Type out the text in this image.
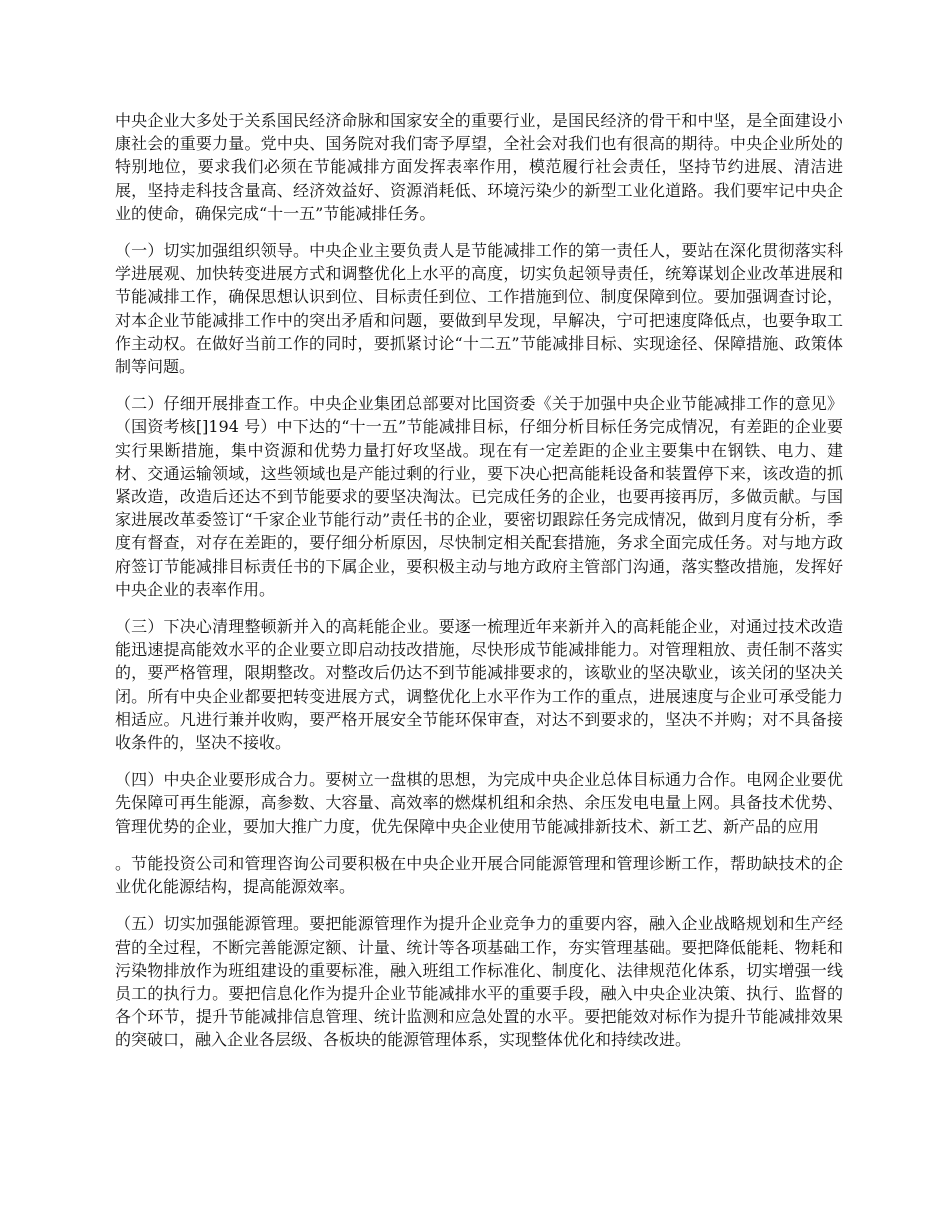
中央企业大多处于关系国民经济命脉和国家安全的重要行业，是国民经济的骨干和中坚，是全面建设小康社会的重要力量。党中央、国务院对我们寄予厚望，全社会对我们也有很高的期待。中央企业所处的特别地位，要求我们必须在节能减排方面发挥表率作用，模范履行社会责任，坚持节约进展、清洁进展，坚持走科技含量高、经济效益好、资源消耗低、环境污染少的新型工业化道路。我们要牢记中央企业的使命，确保完成“十一五”节能减排任务。

（一）切实加强组织领导。中央企业主要负责人是节能减排工作的第一责任人，要站在深化贯彻落实科学进展观、加快转变进展方式和调整优化上水平的高度，切实负起领导责任，统筹谋划企业改革进展和节能减排工作，确保思想认识到位、目标责任到位、工作措施到位、制度保障到位。要加强调查讨论，对本企业节能减排工作中的突出矛盾和问题，要做到早发现，早解决，宁可把速度降低点，也要争取工作主动权。在做好当前工作的同时，要抓紧讨论“十二五”节能减排目标、实现途径、保障措施、政策体制等问题。

（二）仔细开展排查工作。中央企业集团总部要对比国资委《关于加强中央企业节能减排工作的意见》（国资考核[]194 号）中下达的“十一五”节能减排目标，仔细分析目标任务完成情况，有差距的企业要实行果断措施，集中资源和优势力量打好攻坚战。现在有一定差距的企业主要集中在钢铁、电力、建材、交通运输领域，这些领域也是产能过剩的行业，要下决心把高能耗设备和装置停下来，该改造的抓紧改造，改造后还达不到节能要求的要坚决淘汰。已完成任务的企业，也要再接再厉，多做贡献。与国家进展改革委签订“千家企业节能行动”责任书的企业，要密切跟踪任务完成情况，做到月度有分析，季度有督查，对存在差距的，要仔细分析原因，尽快制定相关配套措施，务求全面完成任务。对与地方政府签订节能减排目标责任书的下属企业，要积极主动与地方政府主管部门沟通，落实整改措施，发挥好中央企业的表率作用。

（三）下决心清理整顿新并入的高耗能企业。要逐一梳理近年来新并入的高耗能企业，对通过技术改造能迅速提高能效水平的企业要立即启动技改措施，尽快形成节能减排能力。对管理粗放、责任制不落实的，要严格管理，限期整改。对整改后仍达不到节能减排要求的，该歇业的坚决歇业，该关闭的坚决关闭。所有中央企业都要把转变进展方式，调整优化上水平作为工作的重点，进展速度与企业可承受能力相适应。凡进行兼并收购，要严格开展安全节能环保审查，对达不到要求的，坚决不并购；对不具备接收条件的，坚决不接收。

（四）中央企业要形成合力。要树立一盘棋的思想，为完成中央企业总体目标通力合作。电网企业要优先保障可再生能源，高参数、大容量、高效率的燃煤机组和余热、余压发电电量上网。具备技术优势、管理优势的企业，要加大推广力度，优先保障中央企业使用节能减排新技术、新工艺、新产品的应用

。节能投资公司和管理咨询公司要积极在中央企业开展合同能源管理和管理诊断工作，帮助缺技术的企业优化能源结构，提高能源效率。

（五）切实加强能源管理。要把能源管理作为提升企业竞争力的重要内容，融入企业战略规划和生产经营的全过程，不断完善能源定额、计量、统计等各项基础工作，夯实管理基础。要把降低能耗、物耗和污染物排放作为班组建设的重要标准，融入班组工作标准化、制度化、法律规范化体系，切实增强一线员工的执行力。要把信息化作为提升企业节能减排水平的重要手段，融入中央企业决策、执行、监督的各个环节，提升节能减排信息管理、统计监测和应急处置的水平。要把能效对标作为提升节能减排效果的突破口，融入企业各层级、各板块的能源管理体系，实现整体优化和持续改进。
